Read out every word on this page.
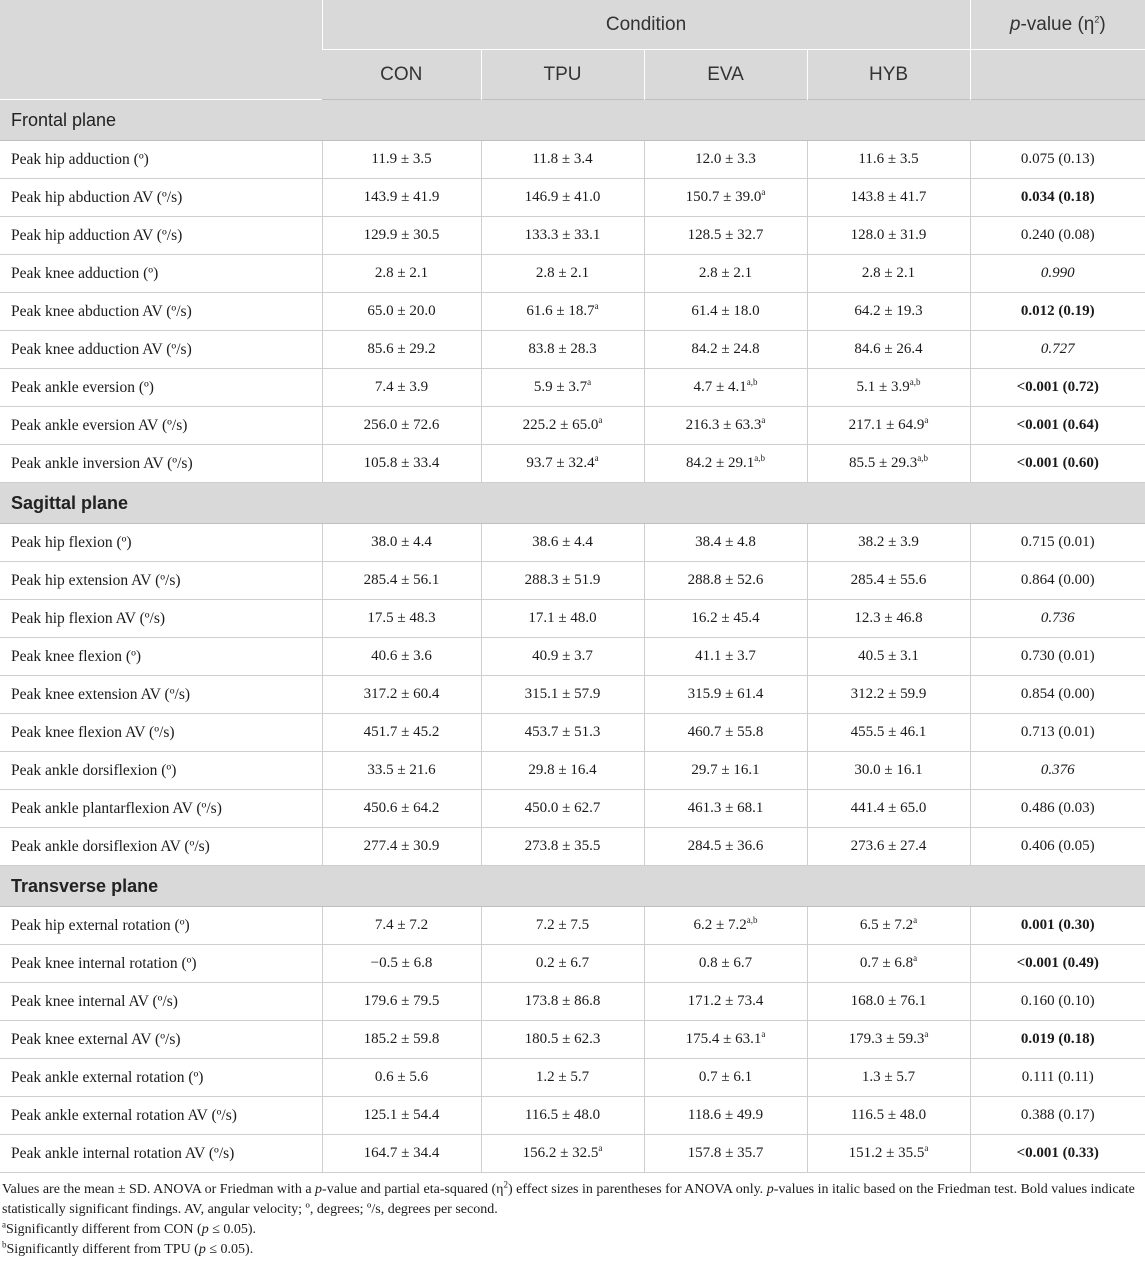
	Condition				p-value $(\eta^2)$
	CON	TPU	EVA	HYB	
Frontal plane					
Peak hip adduction (º)	11.9 ± 3.5	11.8 ± 3.4	12.0 ± 3.3	11.6 ± 3.5	0.075 (0.13)
Peak hip abduction AV (º/s)	143.9 ± 41.9	146.9 ± 41.0	150.7 ± 39.0$^a$	143.8 ± 41.7	0.034 (0.18)
Peak hip adduction AV (º/s)	129.9 ± 30.5	133.3 ± 33.1	128.5 ± 32.7	128.0 ± 31.9	0.240 (0.08)
Peak knee adduction (º)	2.8 ± 2.1	2.8 ± 2.1	2.8 ± 2.1	2.8 ± 2.1	0.990
Peak knee abduction AV (º/s)	65.0 ± 20.0	61.6 ± 18.7$^a$	61.4 ± 18.0	64.2 ± 19.3	0.012 (0.19)
Peak knee adduction AV (º/s)	85.6 ± 29.2	83.8 ± 28.3	84.2 ± 24.8	84.6 ± 26.4	0.727
Peak ankle eversion (º)	7.4 ± 3.9	5.9 ± 3.7$^a$	$4.7 \pm 4.1^{a,b}$	$5.1 \pm 3.9^{a,b}$	<0.001 (0.72)
Peak ankle eversion AV (º/s)	256.0 ± 72.6	225.2 ± 65.0$^a$	216.3 ± 63.3$^a$	217.1 ± 64.9$^a$	<0.001 (0.64)
Peak ankle inversion AV (º/s)	105.8 ± 33.4	93.7 ± 32.4$^a$	$84.2 \pm 29.1^{a,b}$	$85.5 \pm 29.3^{a,b}$	<0.001 (0.60)
Sagittal plane					
Peak hip flexion (º)	38.0 ± 4.4	38.6 ± 4.4	38.4 ± 4.8	38.2 ± 3.9	0.715 (0.01)
Peak hip extension AV (º/s)	285.4 ± 56.1	288.3 ± 51.9	288.8 ± 52.6	285.4 ± 55.6	0.864 (0.00)
Peak hip flexion AV (º/s)	17.5 ± 48.3	17.1 ± 48.0	16.2 ± 45.4	12.3 ± 46.8	0.736
Peak knee flexion (º)	40.6 ± 3.6	40.9 ± 3.7	41.1 ± 3.7	40.5 ± 3.1	0.730 (0.01)
Peak knee extension AV (º/s)	317.2 ± 60.4	315.1 ± 57.9	315.9 ± 61.4	312.2 ± 59.9	0.854 (0.00)
Peak knee flexion AV (º/s)	451.7 ± 45.2	453.7 ± 51.3	460.7 ± 55.8	455.5 ± 46.1	0.713 (0.01)
Peak ankle dorsiflexion (º)	33.5 ± 21.6	29.8 ± 16.4	29.7 ± 16.1	30.0 ± 16.1	0.376
Peak ankle plantarflexion AV (º/s)	450.6 ± 64.2	450.0 ± 62.7	461.3 ± 68.1	441.4 ± 65.0	0.486 (0.03)
Peak ankle dorsiflexion AV (º/s)	277.4 ± 30.9	273.8 ± 35.5	284.5 ± 36.6	273.6 ± 27.4	0.406 (0.05)
Transverse plane					
Peak hip external rotation (º)	7.4 ± 7.2	7.2 ± 7.5	$6.2 \pm 7.2^{a,b}$	6.5 ± 7.2$^a$	0.001 (0.30)
Peak knee internal rotation (º)	−0.5 ± 6.8	0.2 ± 6.7	0.8 ± 6.7	0.7 ± 6.8$^a$	<0.001 (0.49)
Peak knee internal AV (º/s)	179.6 ± 79.5	173.8 ± 86.8	171.2 ± 73.4	168.0 ± 76.1	0.160 (0.10)
Peak knee external AV (º/s)	185.2 ± 59.8	180.5 ± 62.3	175.4 ± 63.1$^a$	179.3 ± 59.3$^a$	0.019 (0.18)
Peak ankle external rotation (º)	0.6 ± 5.6	1.2 ± 5.7	0.7 ± 6.1	1.3 ± 5.7	0.111 (0.11)
Peak ankle external rotation AV (º/s)	125.1 ± 54.4	116.5 ± 48.0	118.6 ± 49.9	116.5 ± 48.0	0.388 (0.17)
Peak ankle internal rotation AV (º/s)	164.7 ± 34.4	156.2 ± 32.5$^a$	157.8 ± 35.7	151.2 ± 35.5$^a$	<0.001 (0.33)

Values are the mean ± SD. ANOVA or Friedman with a p-value and partial eta-squared $(\eta^2)$ effect sizes in parentheses for ANOVA only. p-values in italic based on the Friedman test. Bold values indicate statistically significant findings. AV, angular velocity; º, degrees; º/s, degrees per second.

$^a$Significantly different from CON (p ≤ 0.05).

$^b$Significantly different from TPU (p ≤ 0.05).
